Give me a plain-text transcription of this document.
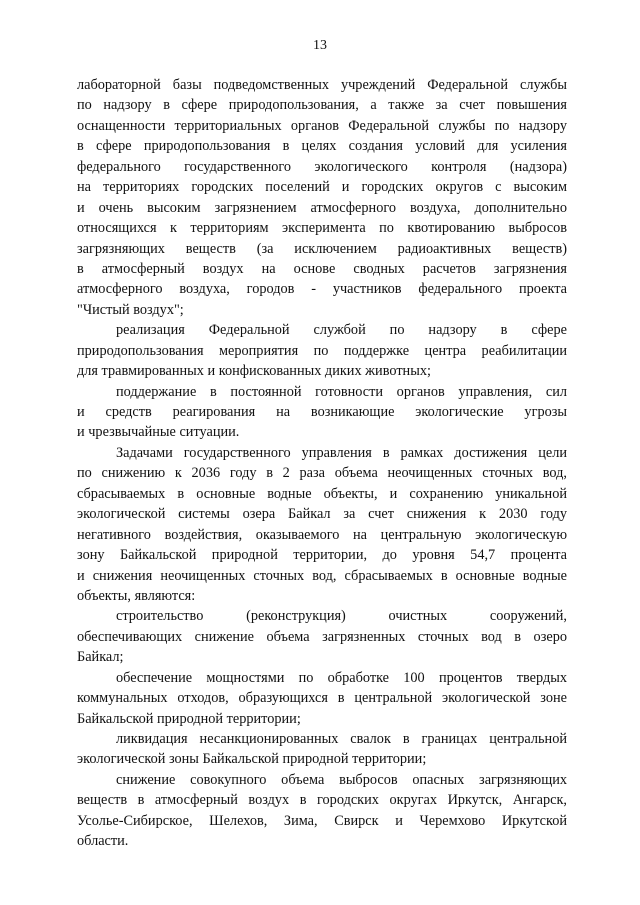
13
лабораторной базы подведомственных учреждений Федеральной службы
по надзору в сфере природопользования, а также за счет повышения
оснащенности территориальных органов Федеральной службы по надзору
в сфере природопользования в целях создания условий для усиления
федерального государственного экологического контроля (надзора)
на территориях городских поселений и городских округов с высоким
и очень высоким загрязнением атмосферного воздуха, дополнительно
относящихся к территориям эксперимента по квотированию выбросов
загрязняющих веществ (за исключением радиоактивных веществ)
в атмосферный воздух на основе сводных расчетов загрязнения
атмосферного воздуха, городов - участников федерального проекта
"Чистый воздух";
реализация Федеральной службой по надзору в сфере
природопользования мероприятия по поддержке центра реабилитации
для травмированных и конфискованных диких животных;
поддержание в постоянной готовности органов управления, сил
и средств реагирования на возникающие экологические угрозы
и чрезвычайные ситуации.
Задачами государственного управления в рамках достижения цели
по снижению к 2036 году в 2 раза объема неочищенных сточных вод,
сбрасываемых в основные водные объекты, и сохранению уникальной
экологической системы озера Байкал за счет снижения к 2030 году
негативного воздействия, оказываемого на центральную экологическую
зону Байкальской природной территории, до уровня 54,7 процента
и снижения неочищенных сточных вод, сбрасываемых в основные водные
объекты, являются:
строительство (реконструкция) очистных сооружений,
обеспечивающих снижение объема загрязненных сточных вод в озеро
Байкал;
обеспечение мощностями по обработке 100 процентов твердых
коммунальных отходов, образующихся в центральной экологической зоне
Байкальской природной территории;
ликвидация несанкционированных свалок в границах центральной
экологической зоны Байкальской природной территории;
снижение совокупного объема выбросов опасных загрязняющих
веществ в атмосферный воздух в городских округах Иркутск, Ангарск,
Усолье-Сибирское, Шелехов, Зима, Свирск и Черемхово Иркутской
области.
